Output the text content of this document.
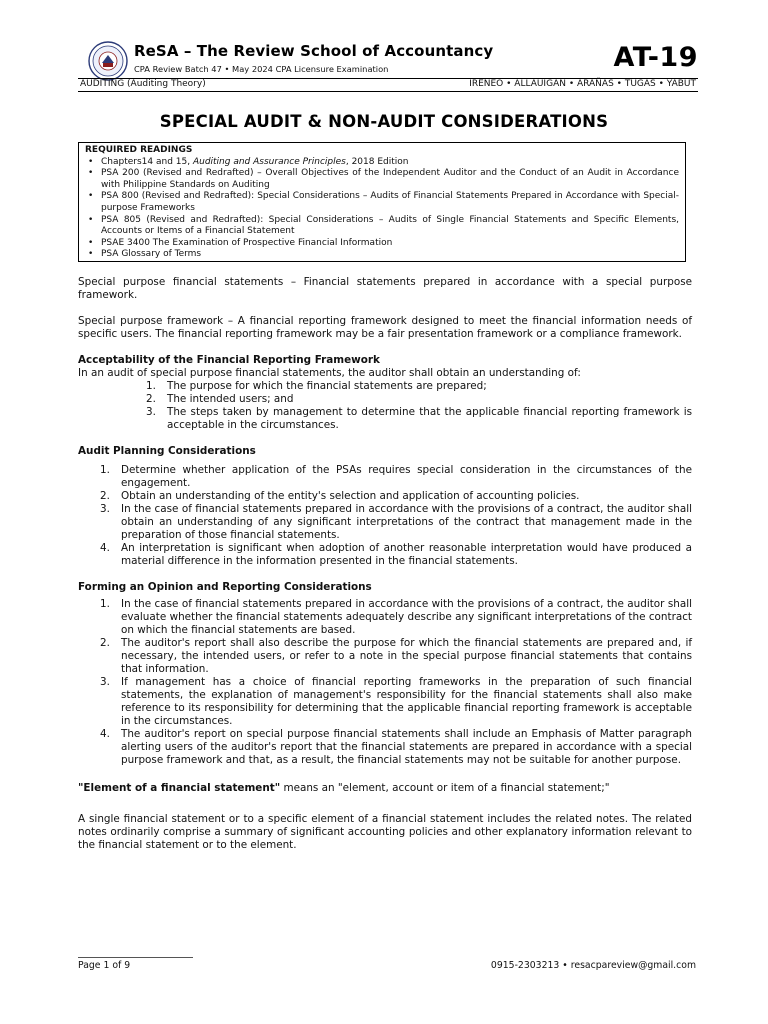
ReSA – The Review School of Accountancy
CPA Review Batch 47 • May 2024 CPA Licensure Examination	AT-19
AUDITING (Auditing Theory)	IRENEO • ALLAUIGAN • ARAÑAS • TUGAS • YABUT
SPECIAL AUDIT & NON-AUDIT CONSIDERATIONS
REQUIRED READINGS
• Chapters14 and 15, Auditing and Assurance Principles, 2018 Edition
• PSA 200 (Revised and Redrafted) – Overall Objectives of the Independent Auditor and the Conduct of an Audit in Accordance with Philippine Standards on Auditing
• PSA 800 (Revised and Redrafted): Special Considerations – Audits of Financial Statements Prepared in Accordance with Special-purpose Frameworks
• PSA 805 (Revised and Redrafted): Special Considerations – Audits of Single Financial Statements and Specific Elements, Accounts or Items of a Financial Statement
• PSAE 3400 The Examination of Prospective Financial Information
• PSA Glossary of Terms

Special purpose financial statements – Financial statements prepared in accordance with a special purpose framework.

Special purpose framework – A financial reporting framework designed to meet the financial information needs of specific users. The financial reporting framework may be a fair presentation framework or a compliance framework.

Acceptability of the Financial Reporting Framework
In an audit of special purpose financial statements, the auditor shall obtain an understanding of:
1. The purpose for which the financial statements are prepared;
2. The intended users; and
3. The steps taken by management to determine that the applicable financial reporting framework is acceptable in the circumstances.
Audit Planning Considerations
1. Determine whether application of the PSAs requires special consideration in the circumstances of the engagement.
2. Obtain an understanding of the entity's selection and application of accounting policies.
3. In the case of financial statements prepared in accordance with the provisions of a contract, the auditor shall obtain an understanding of any significant interpretations of the contract that management made in the preparation of those financial statements.
4. An interpretation is significant when adoption of another reasonable interpretation would have produced a material difference in the information presented in the financial statements.
Forming an Opinion and Reporting Considerations
1. In the case of financial statements prepared in accordance with the provisions of a contract, the auditor shall evaluate whether the financial statements adequately describe any significant interpretations of the contract on which the financial statements are based.
2. The auditor's report shall also describe the purpose for which the financial statements are prepared and, if necessary, the intended users, or refer to a note in the special purpose financial statements that contains that information.
3. If management has a choice of financial reporting frameworks in the preparation of such financial statements, the explanation of management's responsibility for the financial statements shall also make reference to its responsibility for determining that the applicable financial reporting framework is acceptable in the circumstances.
4. The auditor's report on special purpose financial statements shall include an Emphasis of Matter paragraph alerting users of the auditor's report that the financial statements are prepared in accordance with a special purpose framework and that, as a result, the financial statements may not be suitable for another purpose.

"Element of a financial statement" means an "element, account or item of a financial statement;"

A single financial statement or to a specific element of a financial statement includes the related notes. The related notes ordinarily comprise a summary of significant accounting policies and other explanatory information relevant to the financial statement or to the element.

Page 1 of 9	0915-2303213 • resacpareview@gmail.com
